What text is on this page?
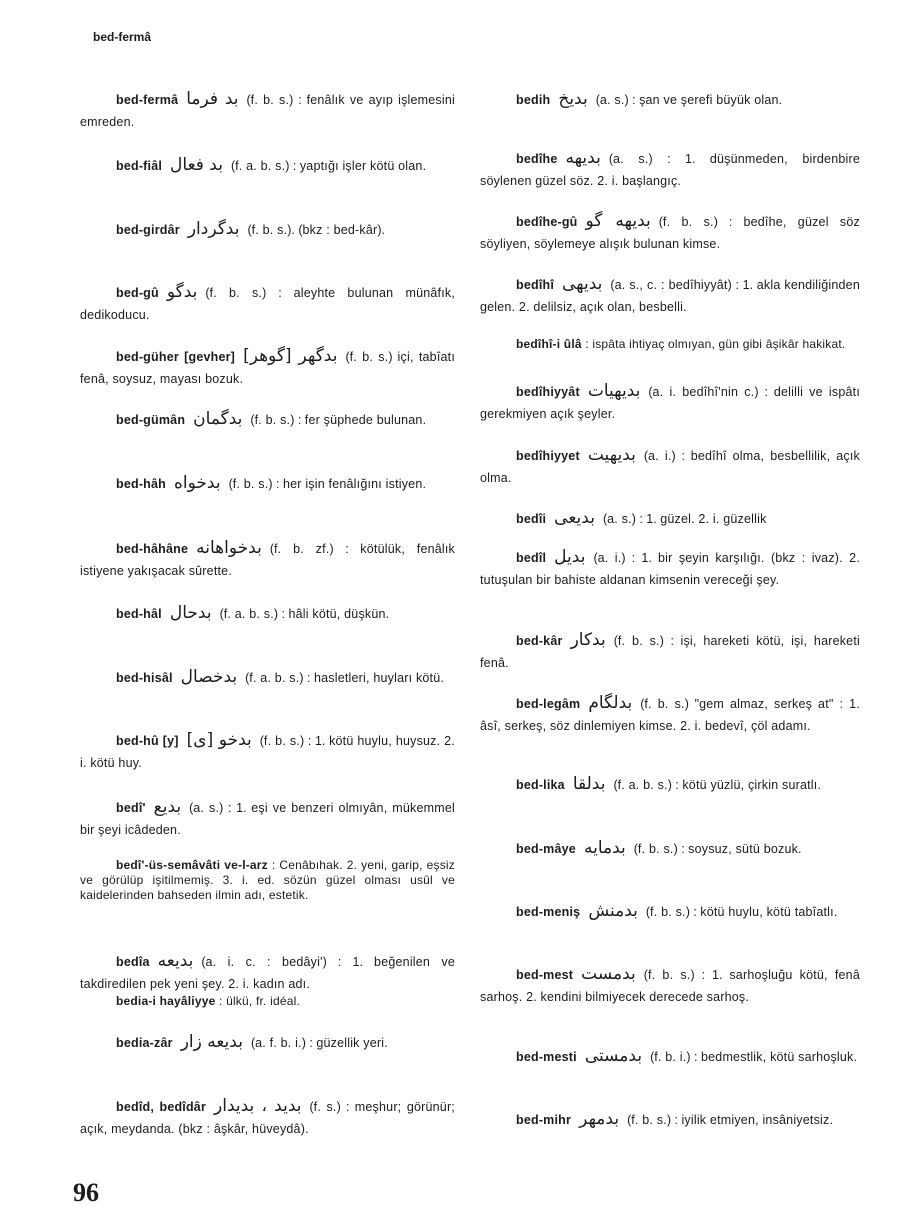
bed-fermâ
bed-fermâ بد فرما (f. b. s.) : fenâlık ve ayıp işlemesini emreden.
bed-fiâl بد فعال (f. a. b. s.) : yaptığı işler kötü olan.
bed-girdâr بدگردار (f. b. s.). (bkz : bed-kâr).
bed-gû بدگو (f. b. s.) : aleyhte bulunan münâfık, dedikoducu.
bed-güher [gevher] بدگهر [گوهر] (f. b. s.) içi, tabîatı fenâ, soysuz, mayası bozuk.
bed-gümân بدگمان (f. b. s.) : fer şüphede bulunan.
bed-hâh بدخواه (f. b. s.) : her işin fenâlığını istiyen.
bed-hâhâne بدخواهانه (f. b. zf.) : kötülük, fenâlık istiyene yakışacak sûrette.
bed-hâl بدحال (f. a. b. s.) : hâli kötü, düşkün.
bed-hisâl بدخصال (f. a. b. s.) : hasletleri, huyları kötü.
bed-hû [y] بدخو [ی] (f. b. s.) : 1. kötü huylu, huysuz. 2. i. kötü huy.
bedî' بديع (a. s.) : 1. eşi ve benzeri olmıyân, mükemmel bir şeyi icâdeden.
bedî'-üs-semâvâti ve-l-arz : Cenâbıhak. 2. yeni, garip, eşsiz ve görülüp işitilmemiş. 3. i. ed. sözün güzel olması usûl ve kaidelerinden bahseden ilmin adı, estetik.
bedîa بديعه (a. i. c. : bedâyi') : 1. beğenilen ve takdiredilen pek yeni şey. 2. i. kadın adı.
bedia-i hayâliyye : ülkü, fr. idéal.
bedia-zâr بديعه زار (a. f. b. i.) : güzellik yeri.
bedîd, bedîdâr بديد ، بديدار (f. s.) : meşhur; görünür; açık, meydanda. (bkz : âşkâr, hüveydâ).
bedih بديخ (a. s.) : şan ve şerefi büyük olan.
bedîhe بديهه (a. s.) : 1. düşünmeden, birdenbire söylenen güzel söz. 2. i. başlangıç.
bedîhe-gû بديهه گو (f. b. s.) : bedîhe, güzel söz söyliyen, söylemeye alışık bulunan kimse.
bedîhî بديهى (a. s., c. : bedîhiyyât) : 1. akla kendiliğinden gelen. 2. delilsiz, açık olan, besbelli.
bedîhî-i ûlâ : ispâta ihtiyaç olmıyan, gün gibi âşikâr hakikat.
bedîhiyyât بديهيات (a. i. bedîhî'nin c.) : delilli ve ispâtı gerekmiyen açık şeyler.
bedîhiyyet بديهيت (a. i.) : bedîhî olma, besbellilik, açık olma.
bedîi بديعى (a. s.) : 1. güzel. 2. i. güzellik
bedîl بديل (a. i.) : 1. bir şeyin karşılığı. (bkz : ivaz). 2. tutuşulan bir bahiste aldanan kimsenin vereceği şey.
bed-kâr بدكار (f. b. s.) : işi, hareketi kötü, işi, hareketi fenâ.
bed-legâm بدلگام (f. b. s.) "gem almaz, serkeş at" : 1. âsî, serkeş, söz dinlemiyen kimse. 2. i. bedevî, çöl adamı.
bed-lika بدلقا (f. a. b. s.) : kötü yüzlü, çirkin suratlı.
bed-mâye بدمايه (f. b. s.) : soysuz, sütü bozuk.
bed-meniş بدمنش (f. b. s.) : kötü huylu, kötü tabîatlı.
bed-mest بدمست (f. b. s.) : 1. sarhoşluğu kötü, fenâ sarhoş. 2. kendini bilmiyecek derecede sarhoş.
bed-mesti بدمستى (f. b. i.) : bedmestlik, kötü sarhoşluk.
bed-mihr بدمهر (f. b. s.) : iyilik etmiyen, insâniyetsiz.
96
